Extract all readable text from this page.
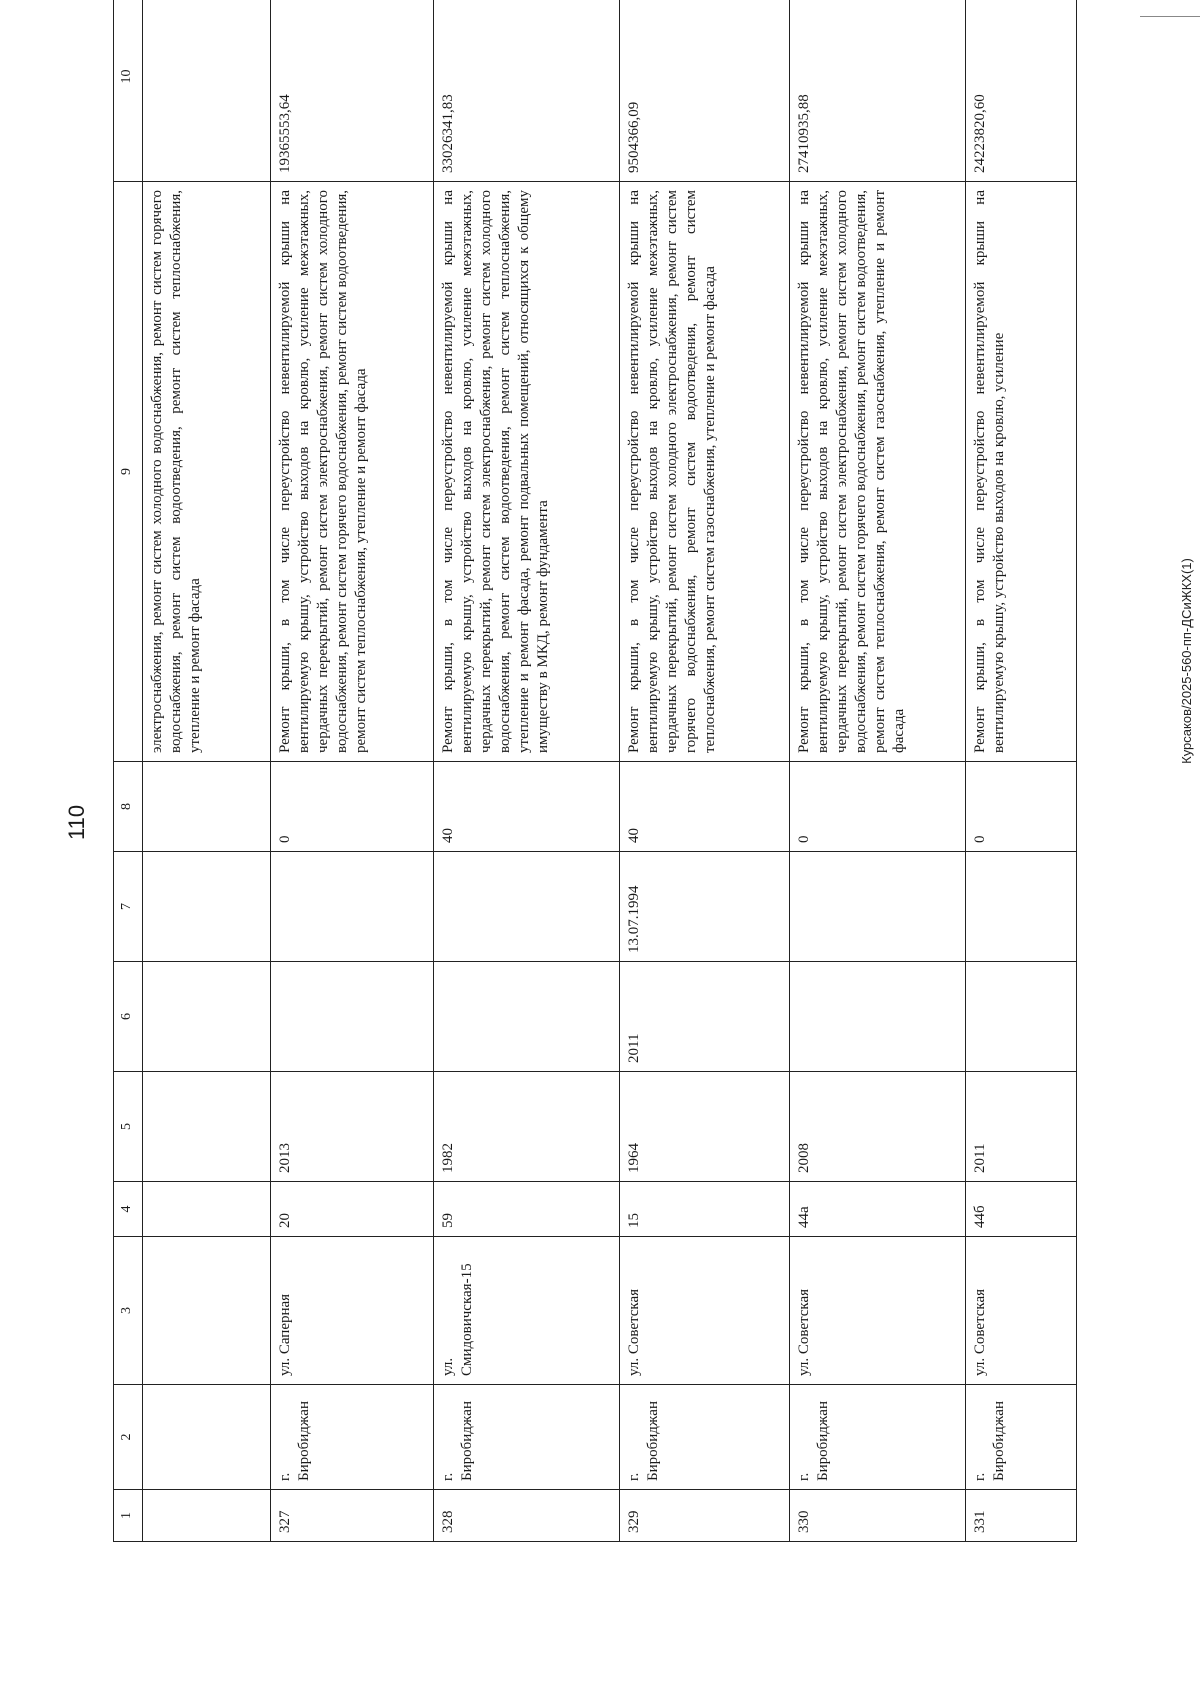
110
Курсаков/2025-560-пп-ДСиЖКХ(1)
1	2	3	4	5	6	7	8	9	10
								электроснабжения, ремонт систем холодного водоснабжения, ремонт систем горячего водоснабжения, ремонт систем водоотведения, ремонт систем теплоснабжения, утепление и ремонт фасада	
327	г. Биробиджан	ул. Саперная	20	2013			0	Ремонт крыши, в том числе переустройство невентилируемой крыши на вентилируемую крышу, устройство выходов на кровлю, усиление межэтажных, чердачных перекрытий, ремонт систем электроснабжения, ремонт систем холодного водоснабжения, ремонт систем горячего водоснабжения, ремонт систем водоотведения, ремонт систем теплоснабжения, утепление и ремонт фасада	19365553,64
328	г. Биробиджан	ул. Смидовичская-15	59	1982			40	Ремонт крыши, в том числе переустройство невентилируемой крыши на вентилируемую крышу, устройство выходов на кровлю, усиление межэтажных, чердачных перекрытий, ремонт систем электроснабжения, ремонт систем холодного водоснабжения, ремонт систем водоотведения, ремонт систем теплоснабжения, утепление и ремонт фасада, ремонт подвальных помещений, относящихся к общему имуществу в МКД, ремонт фундамента	33026341,83
329	г. Биробиджан	ул. Советская	15	1964	2011	13.07.1994	40	Ремонт крыши, в том числе переустройство невентилируемой крыши на вентилируемую крышу, устройство выходов на кровлю, усиление межэтажных, чердачных перекрытий, ремонт систем холодного электроснабжения, ремонт систем горячего водоснабжения, ремонт систем водоотведения, ремонт систем теплоснабжения, ремонт систем газоснабжения, утепление и ремонт фасада	9504366,09
330	г. Биробиджан	ул. Советская	44а	2008			0	Ремонт крыши, в том числе переустройство невентилируемой крыши на вентилируемую крышу, устройство выходов на кровлю, усиление межэтажных, чердачных перекрытий, ремонт систем электроснабжения, ремонт систем холодного водоснабжения, ремонт систем горячего водоснабжения, ремонт систем водоотведения, ремонт систем теплоснабжения, ремонт систем газоснабжения, утепление и ремонт фасада	27410935,88
331	г. Биробиджан	ул. Советская	44б	2011			0	Ремонт крыши, в том числе переустройство невентилируемой крыши на вентилируемую крышу, устройство выходов на кровлю, усиление	24223820,60
